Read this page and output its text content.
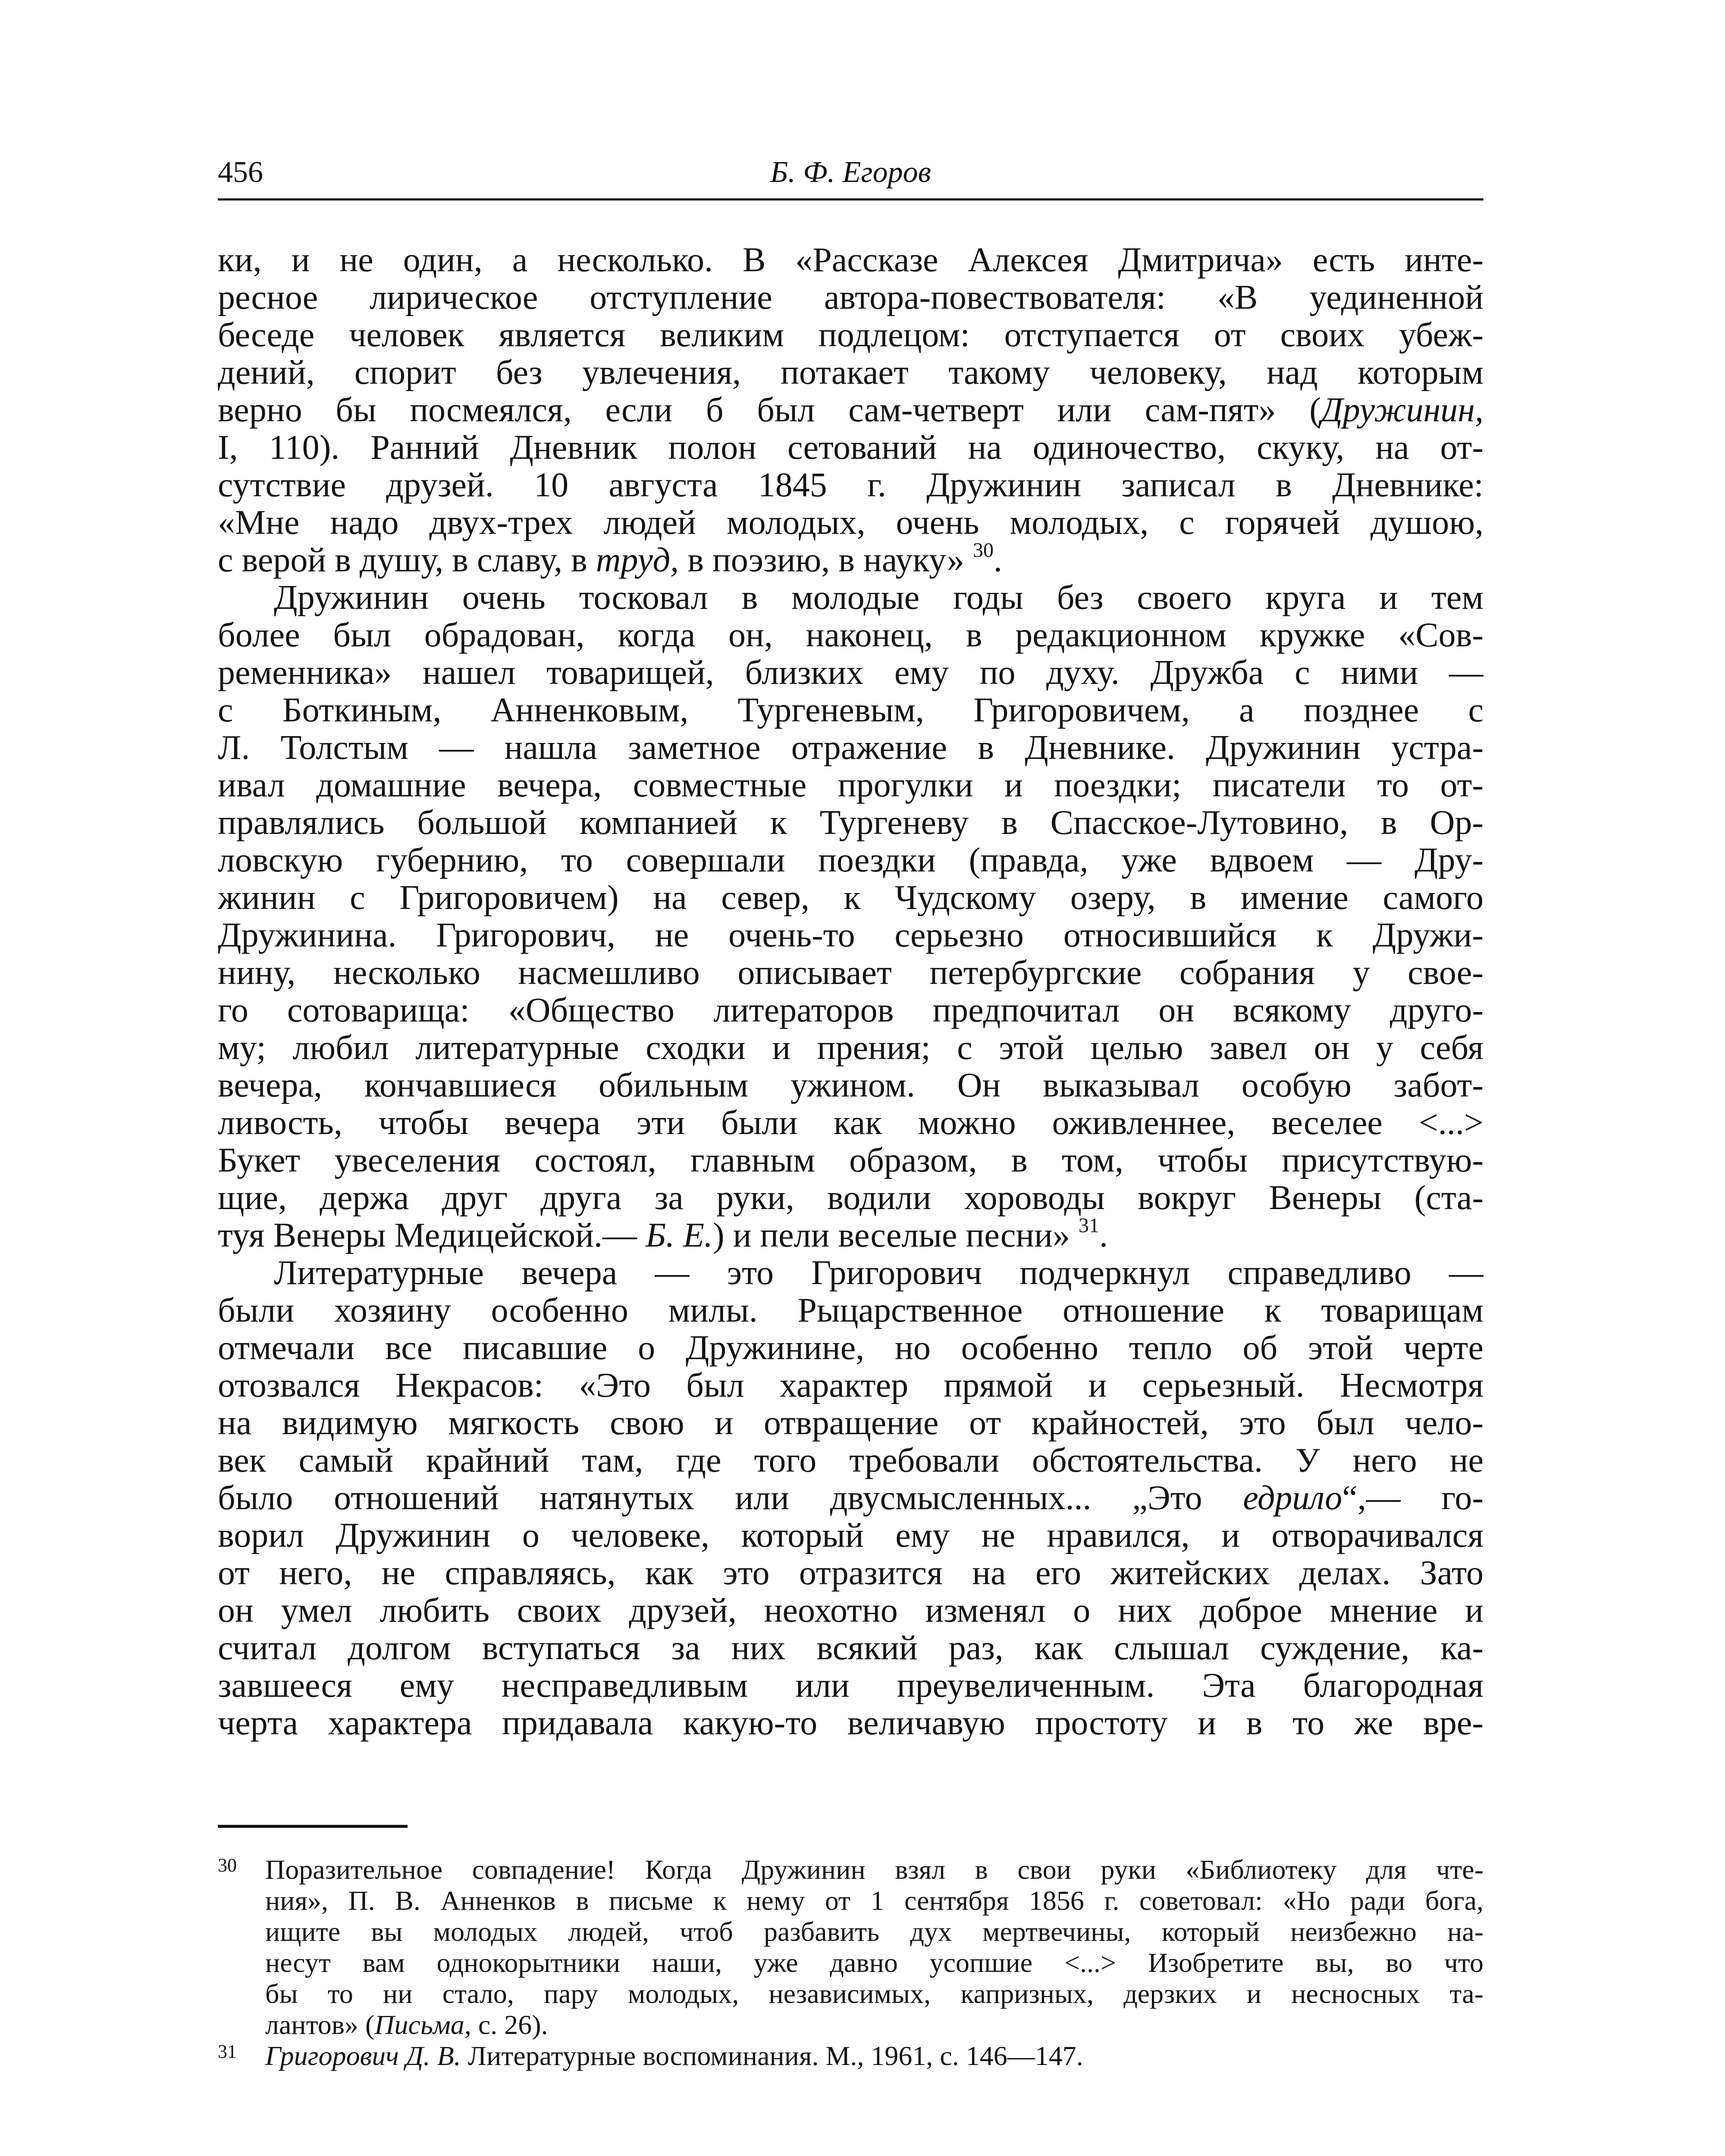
456	Б. Ф. Егоров

ки, и не один, а несколько. В «Рассказе Алексея Дмитрича» есть инте-

ресное лирическое отступление автора-повествователя: «В уединенной

беседе человек является великим подлецом: отступается от своих убеж-

дений, спорит без увлечения, потакает такому человеку, над которым

верно бы посмеялся, если б был сам-четверт или сам-пят» (Дружинин,

I, 110). Ранний Дневник полон сетований на одиночество, скуку, на от-

сутствие друзей. 10 августа 1845 г. Дружинин записал в Дневнике:

«Мне надо двух-трех людей молодых, очень молодых, с горячей душою,

с верой в душу, в славу, в труд, в поэзию, в науку» $^{30}$.

Дружинин очень тосковал в молодые годы без своего круга и тем

более был обрадован, когда он, наконец, в редакционном кружке «Сов-

ременника» нашел товарищей, близких ему по духу. Дружба с ними —

с Боткиным, Анненковым, Тургеневым, Григоровичем, а позднее с

Л. Толстым — нашла заметное отражение в Дневнике. Дружинин устра-

ивал домашние вечера, совместные прогулки и поездки; писатели то от-

правлялись большой компанией к Тургеневу в Спасское-Лутовино, в Ор-

ловскую губернию, то совершали поездки (правда, уже вдвоем — Дру-

жинин с Григоровичем) на север, к Чудскому озеру, в имение самого

Дружинина. Григорович, не очень-то серьезно относившийся к Дружи-

нину, несколько насмешливо описывает петербургские собрания у свое-

го сотоварища: «Общество литераторов предпочитал он всякому друго-

му; любил литературные сходки и прения; с этой целью завел он у себя

вечера, кончавшиеся обильным ужином. Он выказывал особую забот-

ливость, чтобы вечера эти были как можно оживленнее, веселее <...>

Букет увеселения состоял, главным образом, в том, чтобы присутствую-

щие, держа друг друга за руки, водили хороводы вокруг Венеры (ста-

туя Венеры Медицейской.— Б. Е.) и пели веселые песни» $^{31}$.

Литературные вечера — это Григорович подчеркнул справедливо —

были хозяину особенно милы. Рыцарственное отношение к товарищам

отмечали все писавшие о Дружинине, но особенно тепло об этой черте

отозвался Некрасов: «Это был характер прямой и серьезный. Несмотря

на видимую мягкость свою и отвращение от крайностей, это был чело-

век самый крайний там, где того требовали обстоятельства. У него не

было отношений натянутых или двусмысленных... „Это едрило“,— го-

ворил Дружинин о человеке, который ему не нравился, и отворачивался

от него, не справляясь, как это отразится на его житейских делах. Зато

он умел любить своих друзей, неохотно изменял о них доброе мнение и

считал долгом вступаться за них всякий раз, как слышал суждение, ка-

завшееся ему несправедливым или преувеличенным. Эта благородная

черта характера придавала какую-то величавую простоту и в то же вре-

30 Поразительное совпадение! Когда Дружинин взял в свои руки «Библиотеку для чте-

ния», П. В. Анненков в письме к нему от 1 сентября 1856 г. советовал: «Но ради бога,

ищите вы молодых людей, чтоб разбавить дух мертвечины, который неизбежно на-

несут вам однокорытники наши, уже давно усопшие <...> Изобретите вы, во что

бы то ни стало, пару молодых, независимых, капризных, дерзких и несносных та-

лантов» (Письма, с. 26).

31 Григорович Д. В. Литературные воспоминания. М., 1961, с. 146—147.
